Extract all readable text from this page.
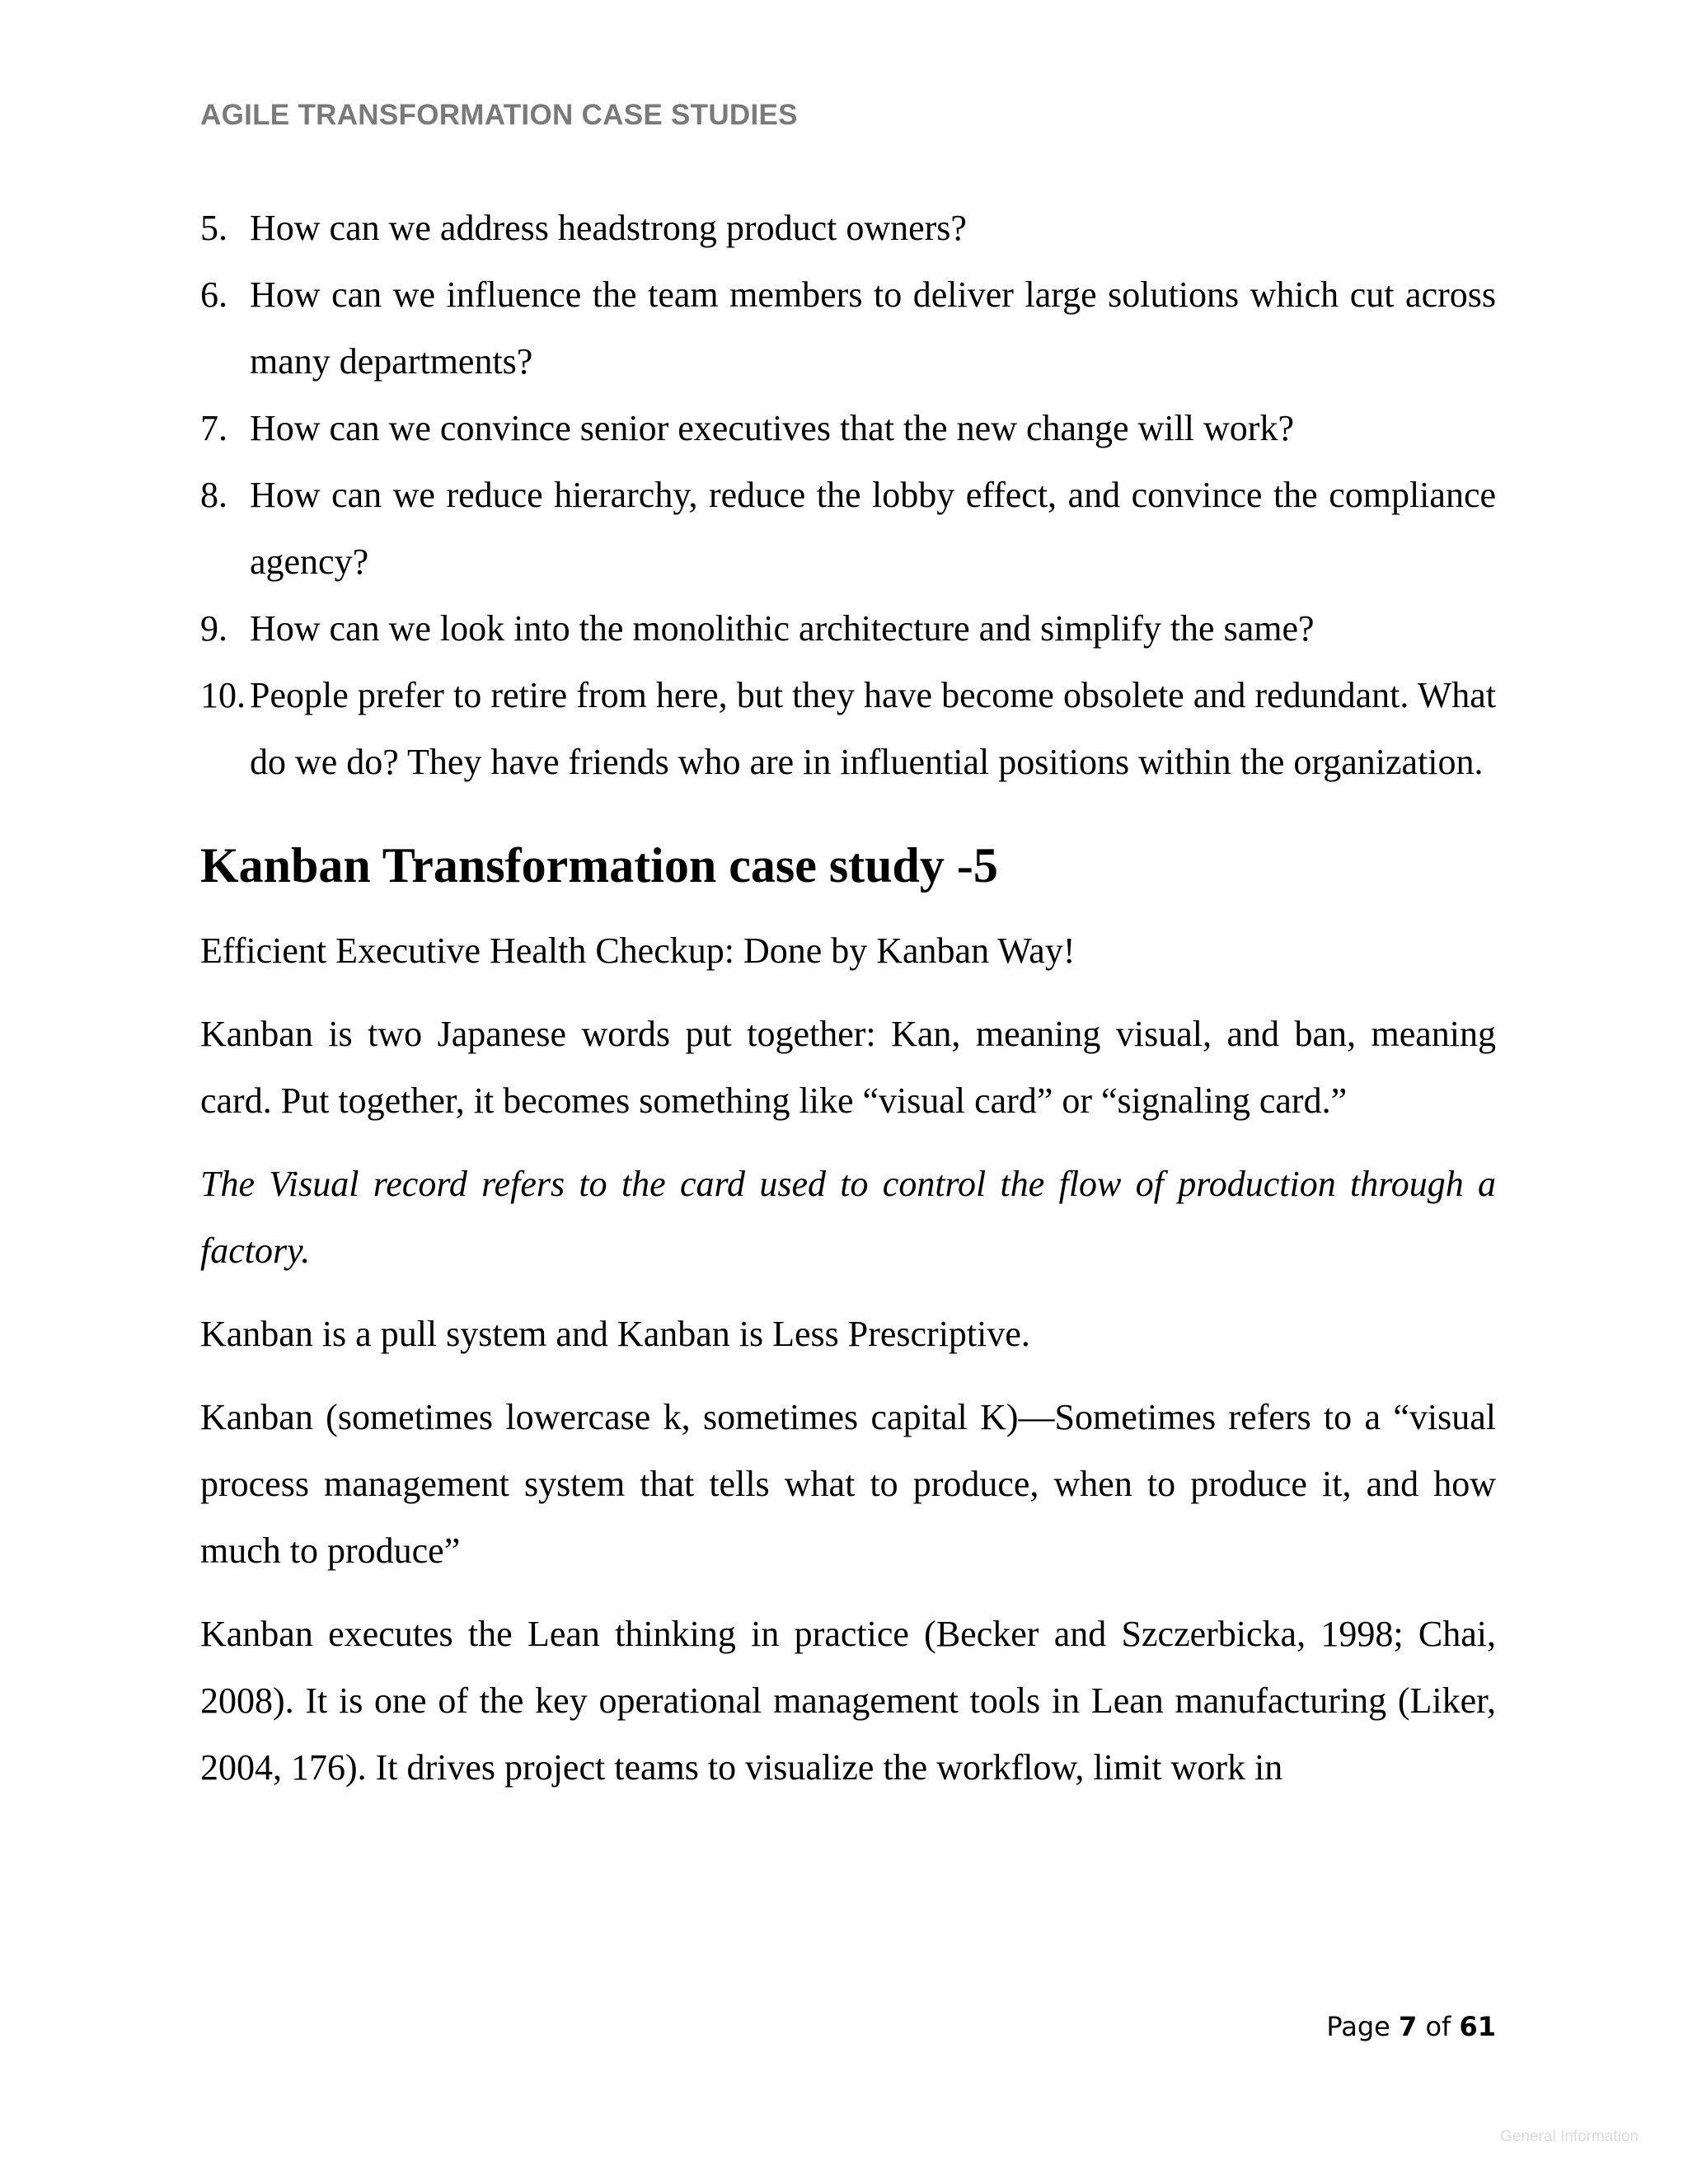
AGILE TRANSFORMATION CASE STUDIES
5. How can we address headstrong product owners?
6. How can we influence the team members to deliver large solutions which cut across many departments?
7. How can we convince senior executives that the new change will work?
8. How can we reduce hierarchy, reduce the lobby effect, and convince the compliance agency?
9. How can we look into the monolithic architecture and simplify the same?
10. People prefer to retire from here, but they have become obsolete and redundant. What do we do? They have friends who are in influential positions within the organization.
Kanban Transformation case study -5

Efficient Executive Health Checkup: Done by Kanban Way!

Kanban is two Japanese words put together: Kan, meaning visual, and ban, meaning card. Put together, it becomes something like “visual card” or “signaling card.”

The Visual record refers to the card used to control the flow of production through a factory.

Kanban is a pull system and Kanban is Less Prescriptive.

Kanban (sometimes lowercase k, sometimes capital K)—Sometimes refers to a “visual process management system that tells what to produce, when to produce it, and how much to produce”

Kanban executes the Lean thinking in practice (Becker and Szczerbicka, 1998; Chai, 2008). It is one of the key operational management tools in Lean manufacturing (Liker, 2004, 176). It drives project teams to visualize the workflow, limit work in

Page 7 of 61
General Information
